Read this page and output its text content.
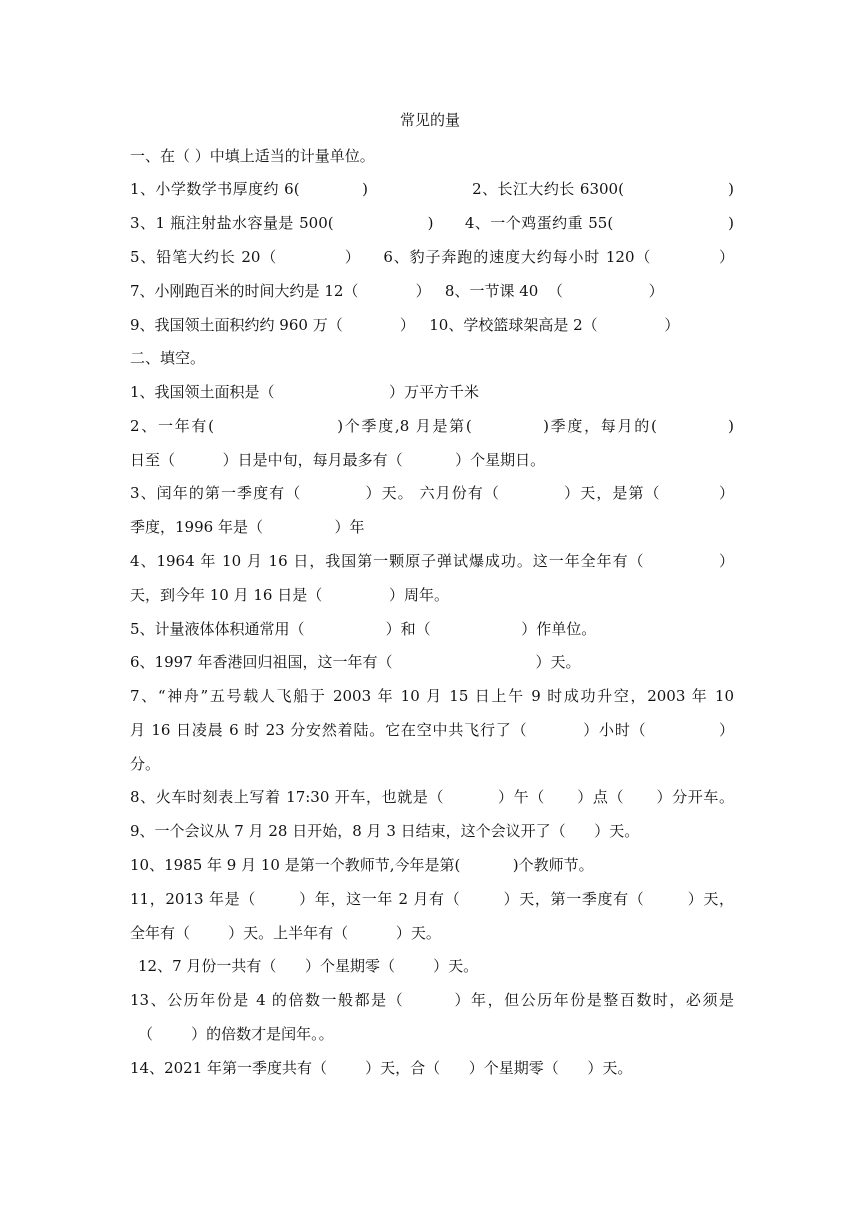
常见的量
一、在（ ）中填上适当的计量单位。
1、小学数学书厚度约 6(            )                    2、长江大约长 6300(                    )
3、1 瓶注射盐水容量是 500(                  )      4、一个鸡蛋约重 55(                      )
5、铅笔大约长 20（            ）    6、豹子奔跑的速度大约每小时 120（            ）
7、小刚跑百米的时间大约是 12（            ）   8、一节课 40  （                  ）
9、我国领土面积约约 960 万（            ）   10、学校篮球架高是 2（              ）
二、填空。
1、我国领土面积是（                        ）万平方千米
2、一年有(                   )个季度,8 月是第(           )季度，每月的(           )
日至（          ）日是中旬，每月最多有（           ）个星期日。
3、闰年的第一季度有（           ）天。 六月份有（           ）天，是第（          ）
季度，1996 年是（               ）年
4、1964 年 10 月 16 日，我国第一颗原子弹试爆成功。这一年全年有（             ）
天，到今年 10 月 16 日是（              ）周年。
5、计量液体体积通常用（                 ）和（                   ）作单位。
6、1997 年香港回归祖国，这一年有（                              ）天。
7、“神舟”五号载人飞船于 2003 年 10 月 15 日上午 9 时成功升空，2003 年 10
月 16 日凌晨 6 时 23 分安然着陆。它在空中共飞行了（          ）小时（             ）
分。
8、火车时刻表上写着 17:30 开车，也就是（          ）午（      ）点（      ）分开车。
9、一个会议从 7 月 28 日开始，8 月 3 日结束，这个会议开了（      ）天。
10、1985 年 9 月 10 是第一个教师节,今年是第(           )个教师节。
11，2013 年是（        ）年，这一年 2 月有（        ）天，第一季度有（        ）天，
全年有（        ）天。上半年有（          ）天。
12、7 月份一共有（      ）个星期零（        ）天。
13、公历年份是 4 的倍数一般都是（        ）年，但公历年份是整百数时，必须是
（        ）的倍数才是闰年。。
14、2021 年第一季度共有（        ）天，合（      ）个星期零（      ）天。
